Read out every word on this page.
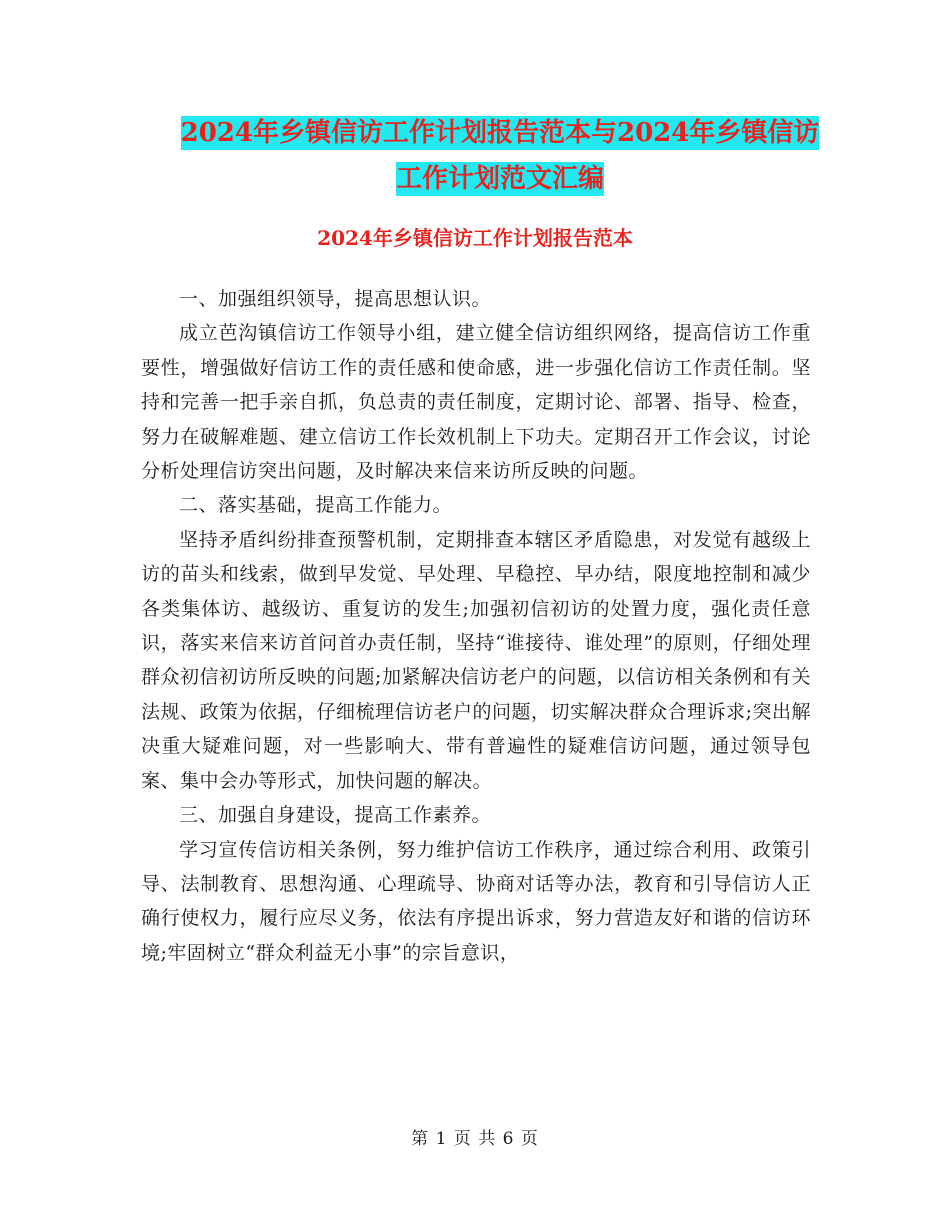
2024年乡镇信访工作计划报告范本与2024年乡镇信访
工作计划范文汇编
2024年乡镇信访工作计划报告范本

一、加强组织领导，提高思想认识。

成立芭沟镇信访工作领导小组，建立健全信访组织网络，提高信访工作重要性，增强做好信访工作的责任感和使命感，进一步强化信访工作责任制。坚持和完善一把手亲自抓，负总责的责任制度，定期讨论、部署、指导、检查，努力在破解难题、建立信访工作长效机制上下功夫。定期召开工作会议，讨论分析处理信访突出问题，及时解决来信来访所反映的问题。

二、落实基础，提高工作能力。

坚持矛盾纠纷排查预警机制，定期排查本辖区矛盾隐患，对发觉有越级上访的苗头和线索，做到早发觉、早处理、早稳控、早办结，限度地控制和减少各类集体访、越级访、重复访的发生;加强初信初访的处置力度，强化责任意识，落实来信来访首问首办责任制，坚持“谁接待、谁处理”的原则，仔细处理群众初信初访所反映的问题;加紧解决信访老户的问题，以信访相关条例和有关法规、政策为依据，仔细梳理信访老户的问题，切实解决群众合理诉求;突出解决重大疑难问题，对一些影响大、带有普遍性的疑难信访问题，通过领导包案、集中会办等形式，加快问题的解决。

三、加强自身建设，提高工作素养。

学习宣传信访相关条例，努力维护信访工作秩序，通过综合利用、政策引导、法制教育、思想沟通、心理疏导、协商对话等办法，教育和引导信访人正确行使权力，履行应尽义务，依法有序提出诉求，努力营造友好和谐的信访环境;牢固树立“群众利益无小事”的宗旨意识，

第 1 页 共 6 页
